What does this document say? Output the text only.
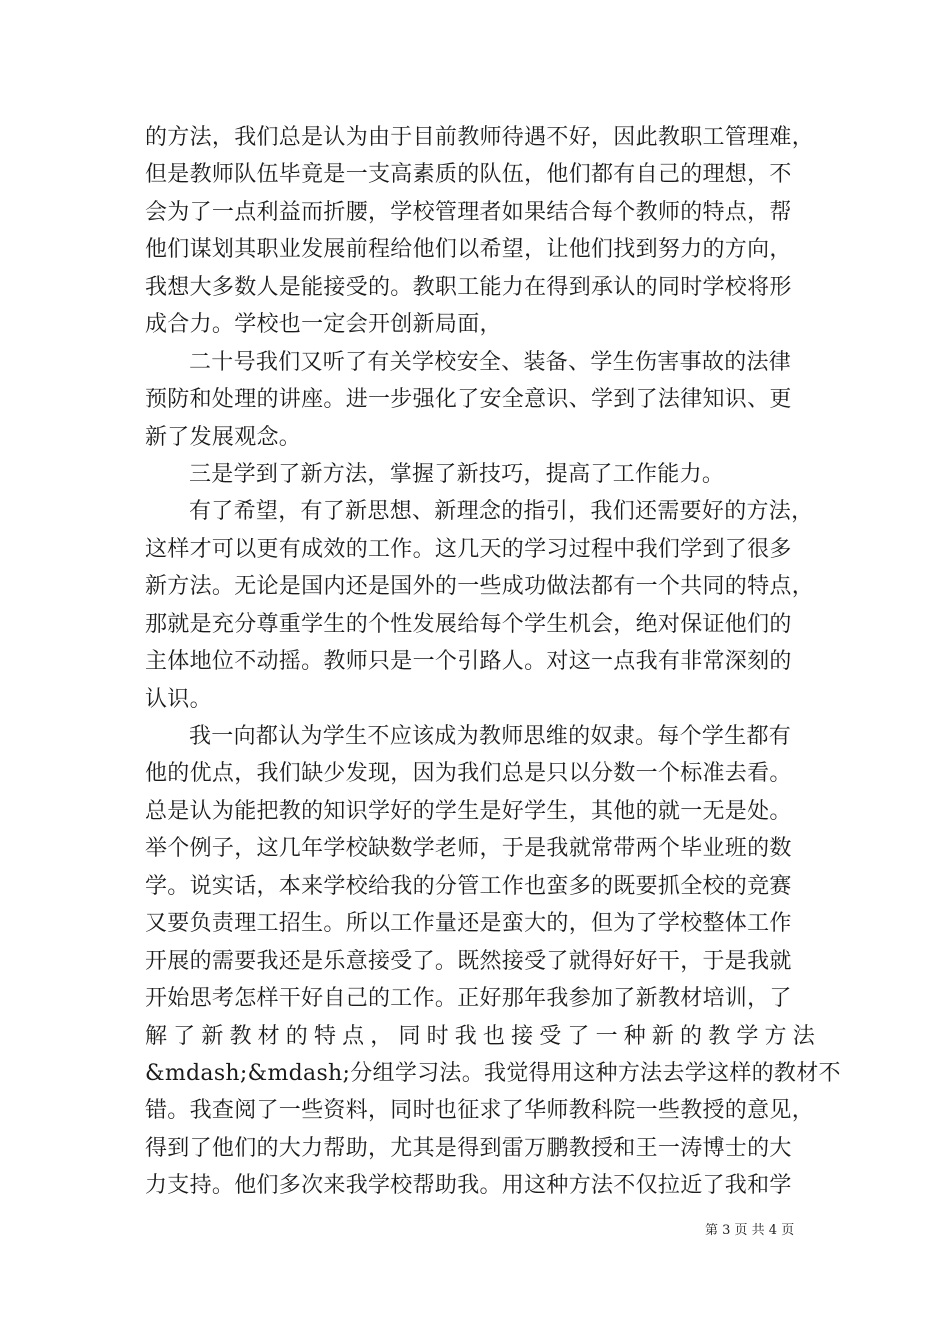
的方法，我们总是认为由于目前教师待遇不好，因此教职工管理难，
但是教师队伍毕竟是一支高素质的队伍，他们都有自己的理想，不
会为了一点利益而折腰，学校管理者如果结合每个教师的特点，帮
他们谋划其职业发展前程给他们以希望，让他们找到努力的方向，
我想大多数人是能接受的。教职工能力在得到承认的同时学校将形
成合力。学校也一定会开创新局面，
二十号我们又听了有关学校安全、装备、学生伤害事故的法律
预防和处理的讲座。进一步强化了安全意识、学到了法律知识、更
新了发展观念。
三是学到了新方法，掌握了新技巧，提高了工作能力。
有了希望，有了新思想、新理念的指引，我们还需要好的方法，
这样才可以更有成效的工作。这几天的学习过程中我们学到了很多
新方法。无论是国内还是国外的一些成功做法都有一个共同的特点，
那就是充分尊重学生的个性发展给每个学生机会，绝对保证他们的
主体地位不动摇。教师只是一个引路人。对这一点我有非常深刻的
认识。
我一向都认为学生不应该成为教师思维的奴隶。每个学生都有
他的优点，我们缺少发现，因为我们总是只以分数一个标准去看。
总是认为能把教的知识学好的学生是好学生，其他的就一无是处。
举个例子，这几年学校缺数学老师，于是我就常带两个毕业班的数
学。说实话，本来学校给我的分管工作也蛮多的既要抓全校的竞赛
又要负责理工招生。所以工作量还是蛮大的，但为了学校整体工作
开展的需要我还是乐意接受了。既然接受了就得好好干，于是我就
开始思考怎样干好自己的工作。正好那年我参加了新教材培训，了
解了新教材的特点，同时我也接受了一种新的教学方法
&mdash;&mdash;分组学习法。我觉得用这种方法去学这样的教材不
错。我查阅了一些资料，同时也征求了华师教科院一些教授的意见，
得到了他们的大力帮助，尤其是得到雷万鹏教授和王一涛博士的大
力支持。他们多次来我学校帮助我。用这种方法不仅拉近了我和学
第 3 页 共 4 页
